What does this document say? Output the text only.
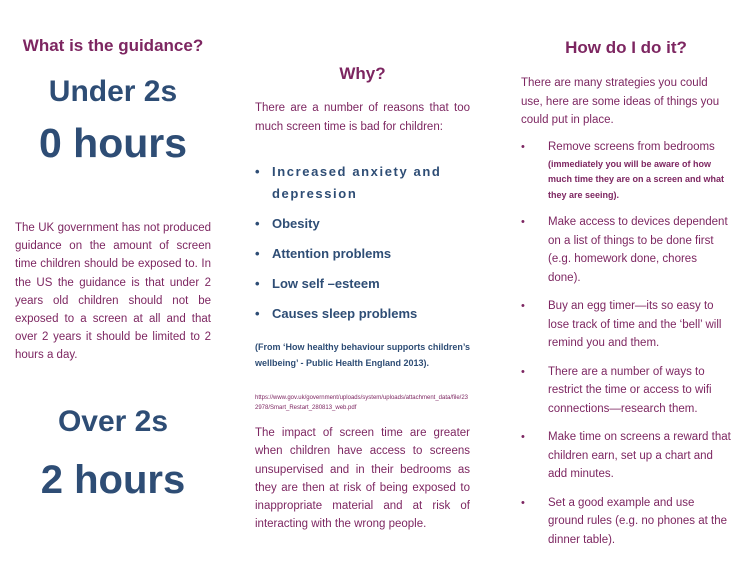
What is the guidance?
Under 2s
0 hours
The UK government has not produced guidance on the amount of screen time children should be exposed to. In the US the guidance is that under 2 years old children should not be exposed to a screen at all and that over 2 years it should be limited to 2 hours a day.
Over 2s
2 hours
Why?
There are a number of reasons that too much screen time is bad for children:
• Increased anxiety and depression
• Obesity
• Attention problems
• Low self –esteem
• Causes sleep problems
(From ‘How healthy behaviour supports children’s wellbeing’ - Public Health England 2013).
https://www.gov.uk/government/uploads/system/uploads/attachment_data/file/232978/Smart_Restart_280813_web.pdf
The impact of screen time are greater when children have access to screens unsupervised and in their bedrooms as they are then at risk of being exposed to inappropriate material and at risk of interacting with the wrong people.
How do I do it?
There are many strategies you could use, here are some ideas of things you could put in place.
• Remove screens from bedrooms
(immediately you will be aware of how much time they are on a screen and what they are seeing).
• Make access to devices dependent on a list of things to be done first (e.g. homework done, chores done).
• Buy an egg timer—its so easy to lose track of time and the ‘bell’ will remind you and them.
• There are a number of ways to restrict the time or access to wifi connections—research them.
• Make time on screens a reward that children earn, set up a chart and add minutes.
• Set a good example and use ground rules (e.g. no phones at the dinner table).
